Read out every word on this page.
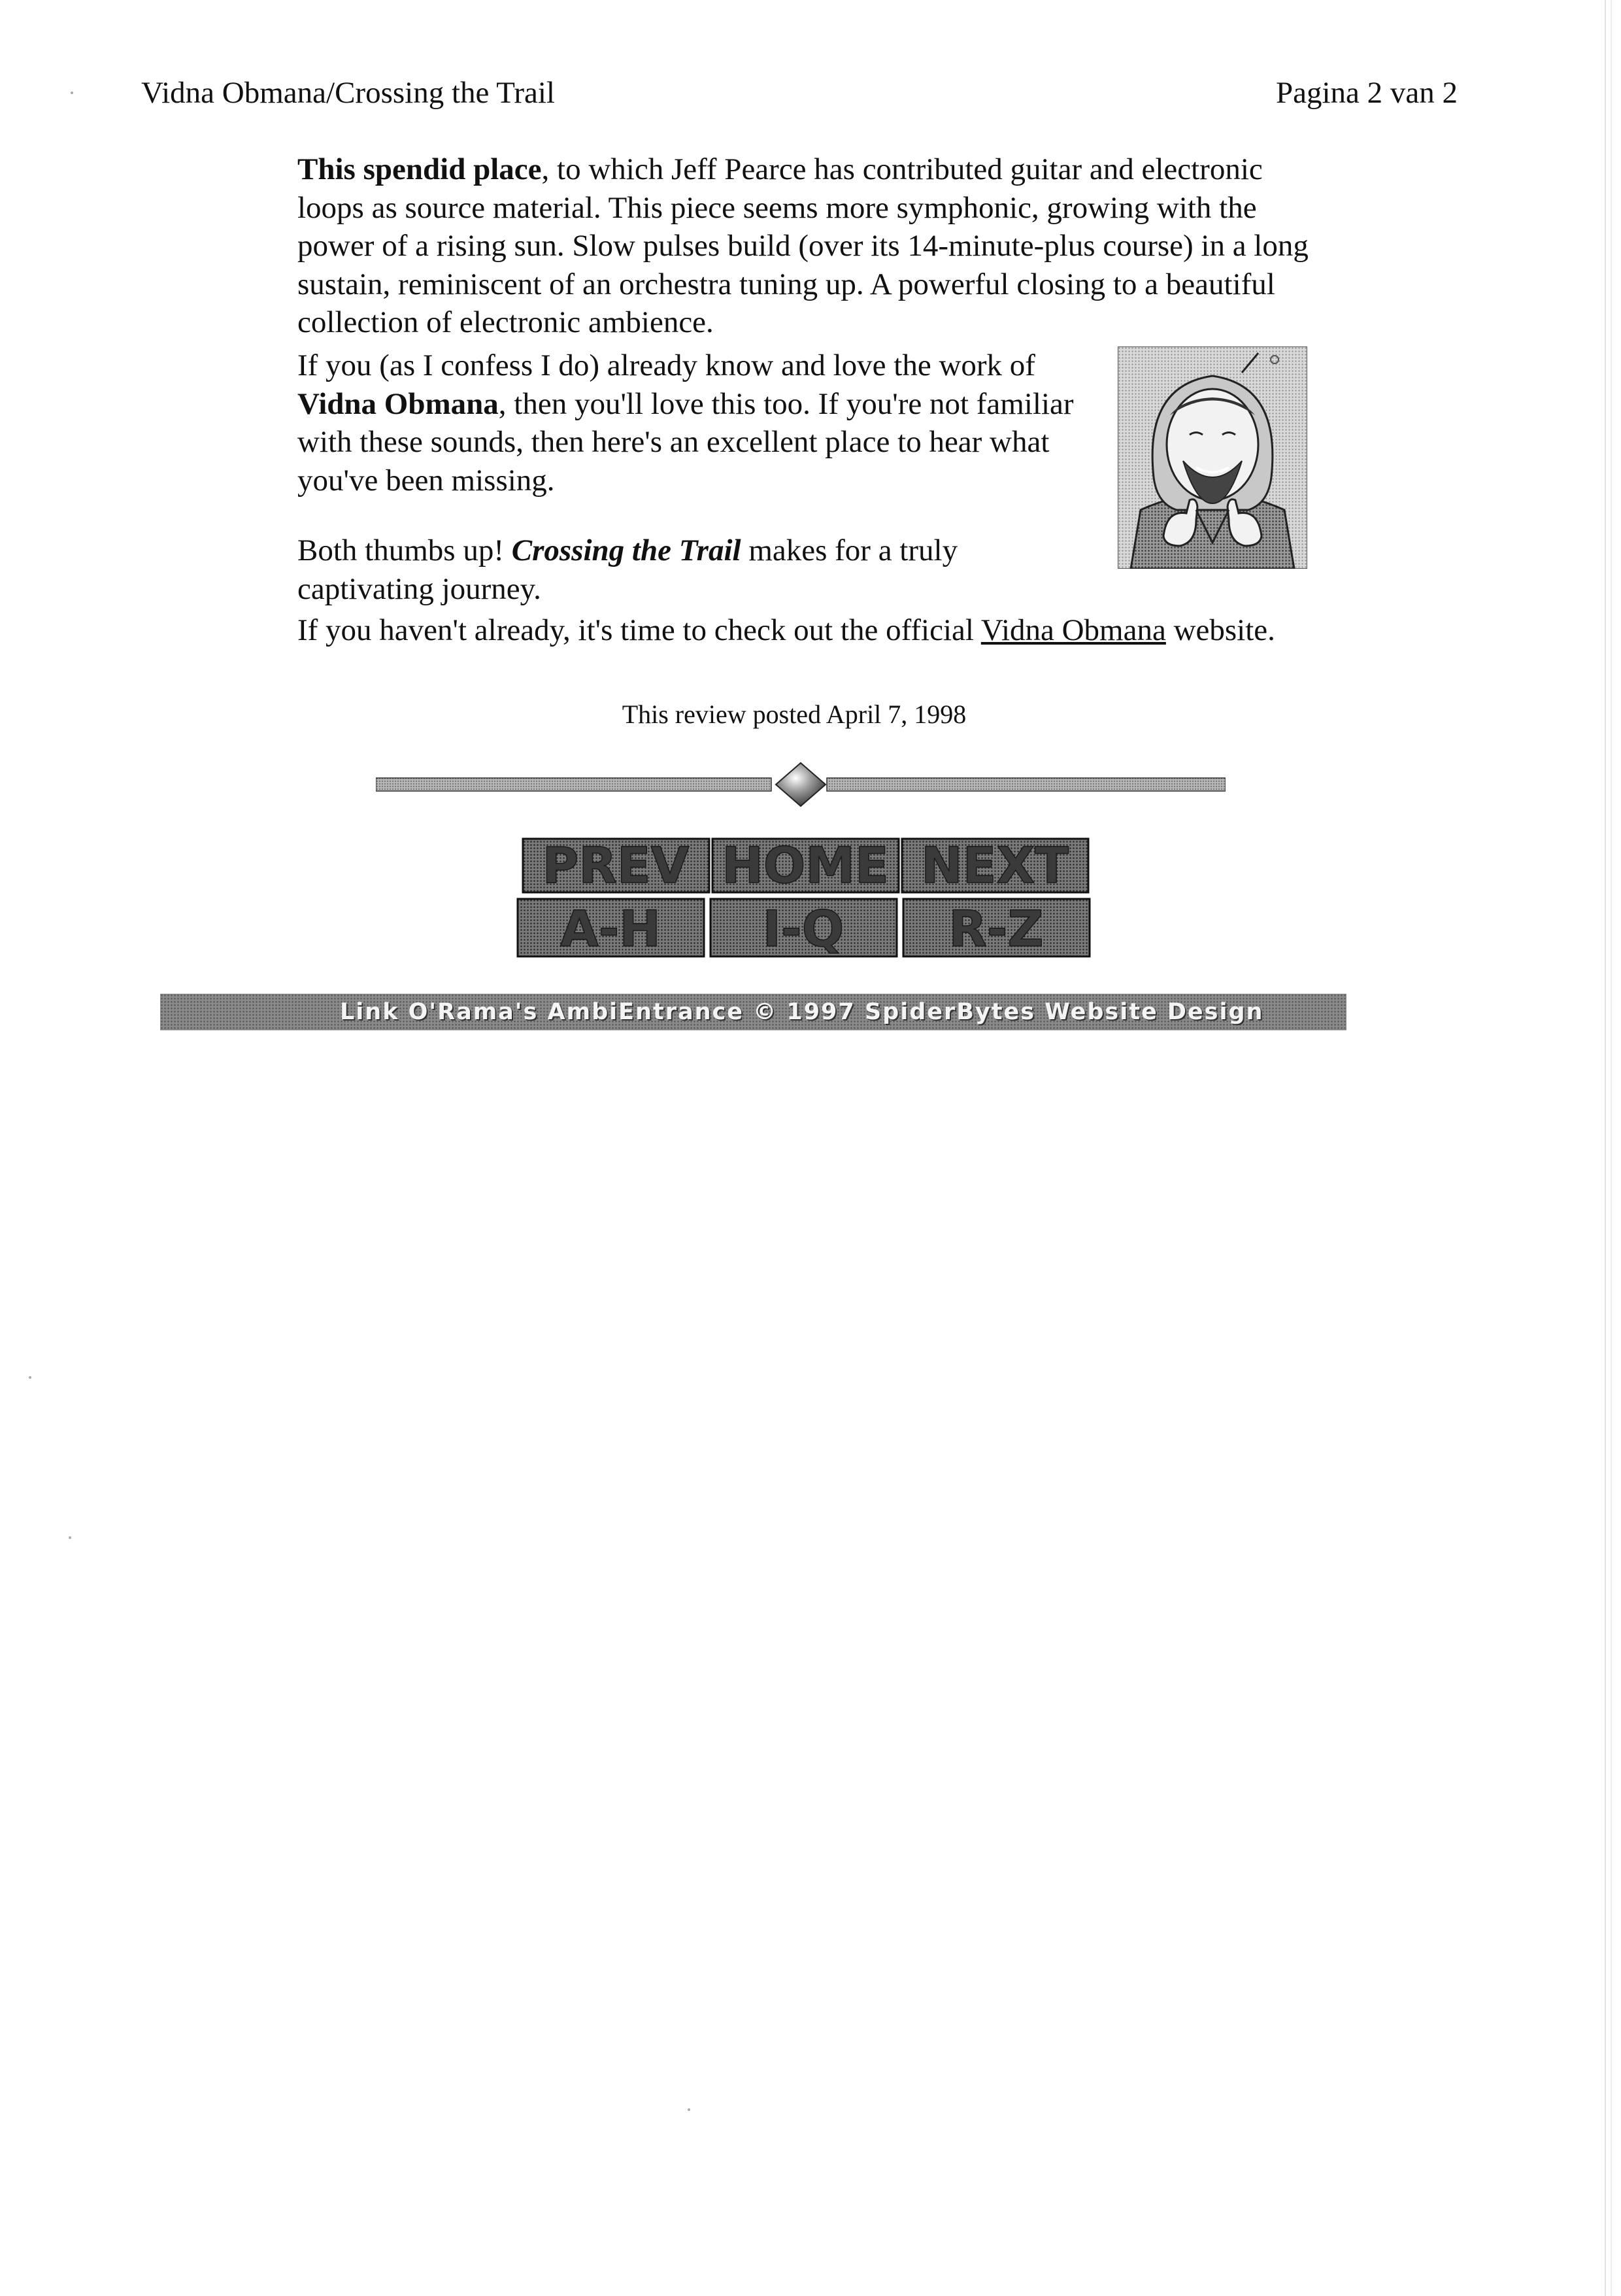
Vidna Obmana/Crossing the Trail	Pagina 2 van 2
This spendid place, to which Jeff Pearce has contributed guitar and electronic loops as source material. This piece seems more symphonic, growing with the power of a rising sun. Slow pulses build (over its 14-minute-plus course) in a long sustain, reminiscent of an orchestra tuning up. A powerful closing to a beautiful collection of electronic ambience.
If you (as I confess I do) already know and love the work of Vidna Obmana, then you'll love this too. If you're not familiar with these sounds, then here's an excellent place to hear what you've been missing.
Both thumbs up! Crossing the Trail makes for a truly captivating journey.
If you haven't already, it's time to check out the official Vidna Obmana website.
This review posted April 7, 1998
PREV HOME NEXT
A-H I-Q R-Z
Link O'Rama's AmbiEntrance © 1997 SpiderBytes Website Design
